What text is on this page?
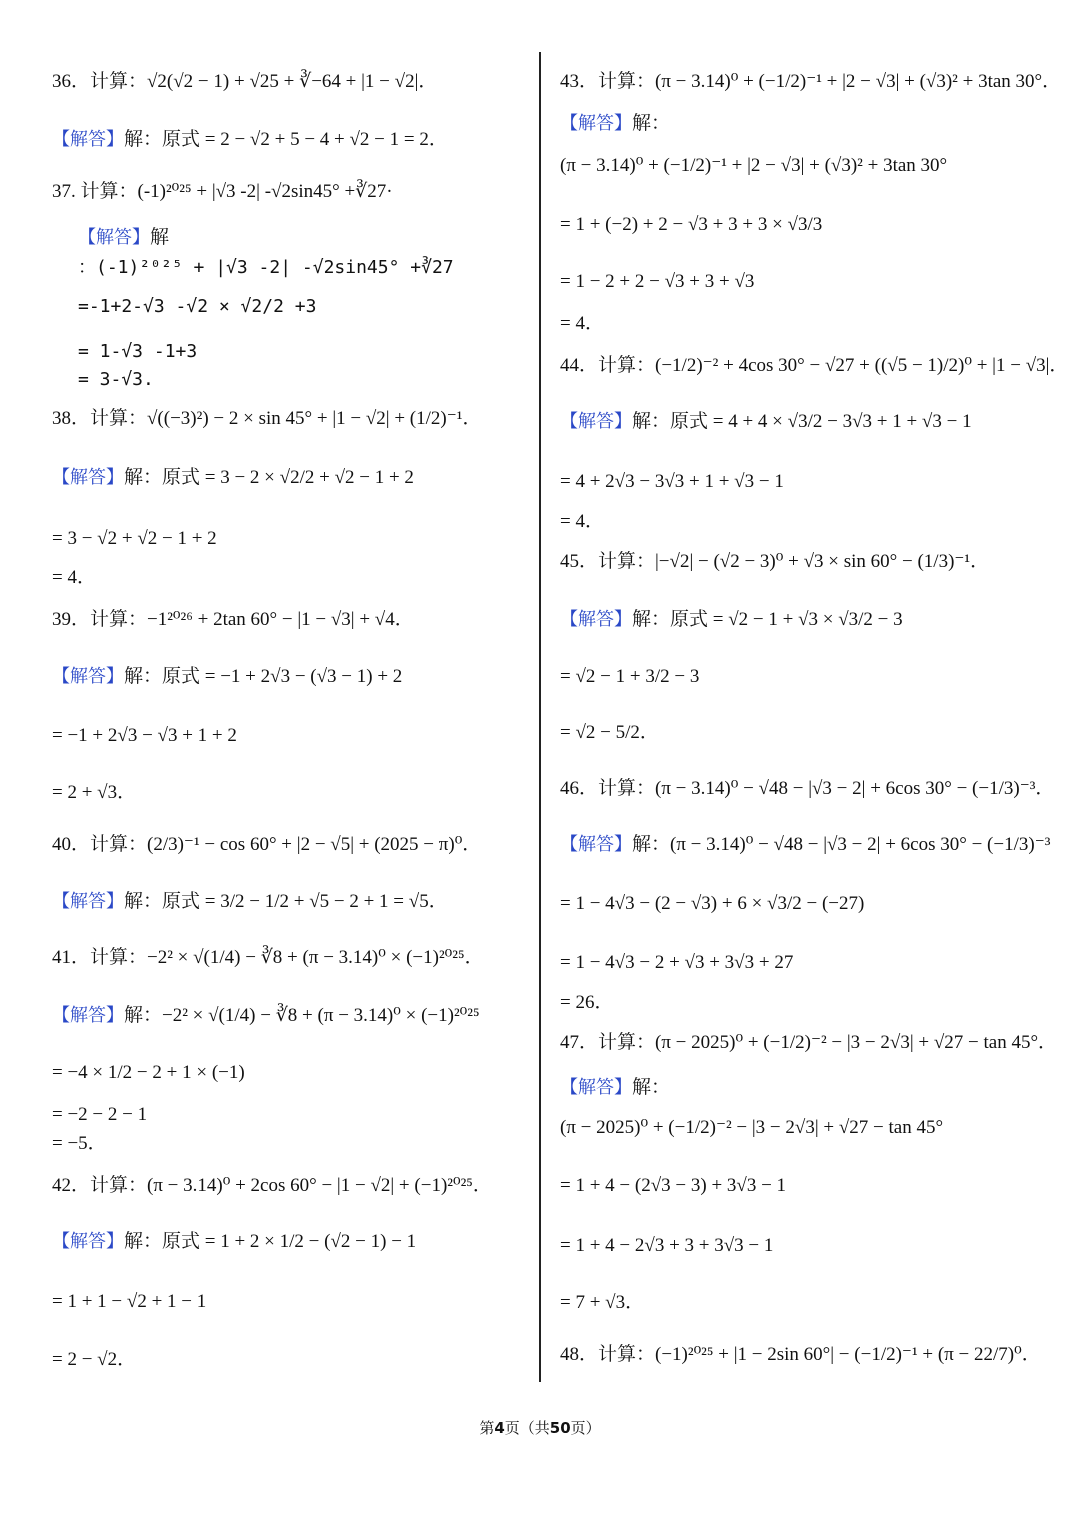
36．计算：√2(√2 − 1) + √25 + ∛−64 + |1 − √2|．
【解答】解：原式 = 2 − √2 + 5 − 4 + √2 − 1 = 2．
37. 计算：(-1)²⁰²⁵ + |√3 -2| -√2sin45° +∛27·
【解答】解
：(-1)²⁰²⁵ + |√3 -2| -√2sin45° +∛27
=-1+2-√3 -√2 × √2/2 +3
= 1-√3 -1+3
= 3-√3.
38．计算：√((−3)²) − 2 × sin 45° + |1 − √2| + (1/2)⁻¹．
【解答】解：原式 = 3 − 2 × √2/2 + √2 − 1 + 2
= 3 − √2 + √2 − 1 + 2
= 4．
39．计算：−1²⁰²⁶ + 2tan 60° − |1 − √3| + √4．
【解答】解：原式 = −1 + 2√3 − (√3 − 1) + 2
= −1 + 2√3 − √3 + 1 + 2
= 2 + √3．
40．计算：(2/3)⁻¹ − cos 60° + |2 − √5| + (2025 − π)⁰．
【解答】解：原式 = 3/2 − 1/2 + √5 − 2 + 1 = √5．
41．计算：−2² × √(1/4) − ∛8 + (π − 3.14)⁰ × (−1)²⁰²⁵．
【解答】解：−2² × √(1/4) − ∛8 + (π − 3.14)⁰ × (−1)²⁰²⁵
= −4 × 1/2 − 2 + 1 × (−1)
= −2 − 2 − 1
= −5．
42．计算：(π − 3.14)⁰ + 2cos 60° − |1 − √2| + (−1)²⁰²⁵．
【解答】解：原式 = 1 + 2 × 1/2 − (√2 − 1) − 1
= 1 + 1 − √2 + 1 − 1
= 2 − √2．
43．计算：(π − 3.14)⁰ + (−1/2)⁻¹ + |2 − √3| + (√3)² + 3tan 30°．
【解答】解：
(π − 3.14)⁰ + (−1/2)⁻¹ + |2 − √3| + (√3)² + 3tan 30°
= 1 + (−2) + 2 − √3 + 3 + 3 × √3/3
= 1 − 2 + 2 − √3 + 3 + √3
= 4．
44．计算：(−1/2)⁻² + 4cos 30° − √27 + ((√5 − 1)/2)⁰ + |1 − √3|．
【解答】解：原式 = 4 + 4 × √3/2 − 3√3 + 1 + √3 − 1
= 4 + 2√3 − 3√3 + 1 + √3 − 1
= 4．
45．计算：|−√2| − (√2 − 3)⁰ + √3 × sin 60° − (1/3)⁻¹．
【解答】解：原式 = √2 − 1 + √3 × √3/2 − 3
= √2 − 1 + 3/2 − 3
= √2 − 5/2．
46．计算：(π − 3.14)⁰ − √48 − |√3 − 2| + 6cos 30° − (−1/3)⁻³．
【解答】解：(π − 3.14)⁰ − √48 − |√3 − 2| + 6cos 30° − (−1/3)⁻³
= 1 − 4√3 − (2 − √3) + 6 × √3/2 − (−27)
= 1 − 4√3 − 2 + √3 + 3√3 + 27
= 26．
47．计算：(π − 2025)⁰ + (−1/2)⁻² − |3 − 2√3| + √27 − tan 45°．
【解答】解：
(π − 2025)⁰ + (−1/2)⁻² − |3 − 2√3| + √27 − tan 45°
= 1 + 4 − (2√3 − 3) + 3√3 − 1
= 1 + 4 − 2√3 + 3 + 3√3 − 1
= 7 + √3．
48．计算：(−1)²⁰²⁵ + |1 − 2sin 60°| − (−1/2)⁻¹ + (π − 22/7)⁰．
第4页（共50页）
